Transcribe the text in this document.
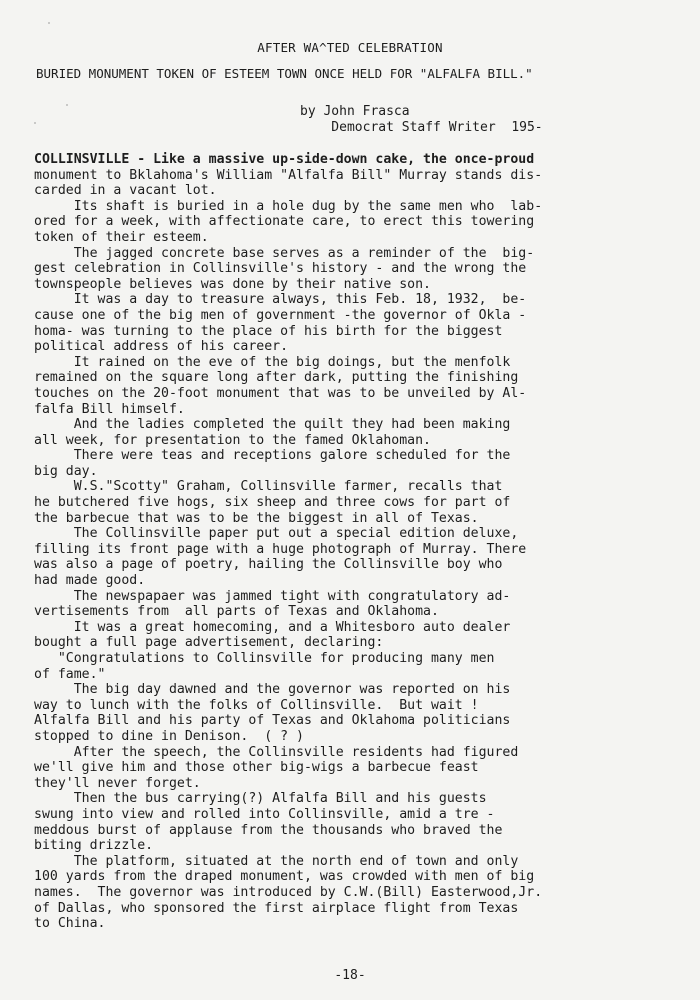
AFTER WA^TED CELEBRATION
BURIED MONUMENT TOKEN OF ESTEEM TOWN ONCE HELD FOR "ALFALFA BILL."
by John Frasca
Democrat Staff Writer  195-
COLLINSVILLE - Like a massive up-side-down cake, the once-proud
monument to Bklahoma's William "Alfalfa Bill" Murray stands dis-
carded in a vacant lot.
Its shaft is buried in a hole dug by the same men who  lab-
ored for a week, with affectionate care, to erect this towering
token of their esteem.
The jagged concrete base serves as a reminder of the  big-
gest celebration in Collinsville's history - and the wrong the
townspeople believes was done by their native son.
It was a day to treasure always, this Feb. 18, 1932,  be-
cause one of the big men of government -the governor of Okla -
homa- was turning to the place of his birth for the biggest
political address of his career.
It rained on the eve of the big doings, but the menfolk
remained on the square long after dark, putting the finishing
touches on the 20-foot monument that was to be unveiled by Al-
falfa Bill himself.
And the ladies completed the quilt they had been making
all week, for presentation to the famed Oklahoman.
There were teas and receptions galore scheduled for the
big day.
W.S."Scotty" Graham, Collinsville farmer, recalls that
he butchered five hogs, six sheep and three cows for part of
the barbecue that was to be the biggest in all of Texas.
The Collinsville paper put out a special edition deluxe,
filling its front page with a huge photograph of Murray. There
was also a page of poetry, hailing the Collinsville boy who
had made good.
The newspapaer was jammed tight with congratulatory ad-
vertisements from  all parts of Texas and Oklahoma.
It was a great homecoming, and a Whitesboro auto dealer
bought a full page advertisement, declaring:
"Congratulations to Collinsville for producing many men
of fame."
The big day dawned and the governor was reported on his
way to lunch with the folks of Collinsville.  But wait !
Alfalfa Bill and his party of Texas and Oklahoma politicians
stopped to dine in Denison.  ( ? )
After the speech, the Collinsville residents had figured
we'll give him and those other big-wigs a barbecue feast
they'll never forget.
Then the bus carrying(?) Alfalfa Bill and his guests
swung into view and rolled into Collinsville, amid a tre -
meddous burst of applause from the thousands who braved the
biting drizzle.
The platform, situated at the north end of town and only
100 yards from the draped monument, was crowded with men of big
names.  The governor was introduced by C.W.(Bill) Easterwood,Jr.
of Dallas, who sponsored the first airplace flight from Texas
to China.
-18-
